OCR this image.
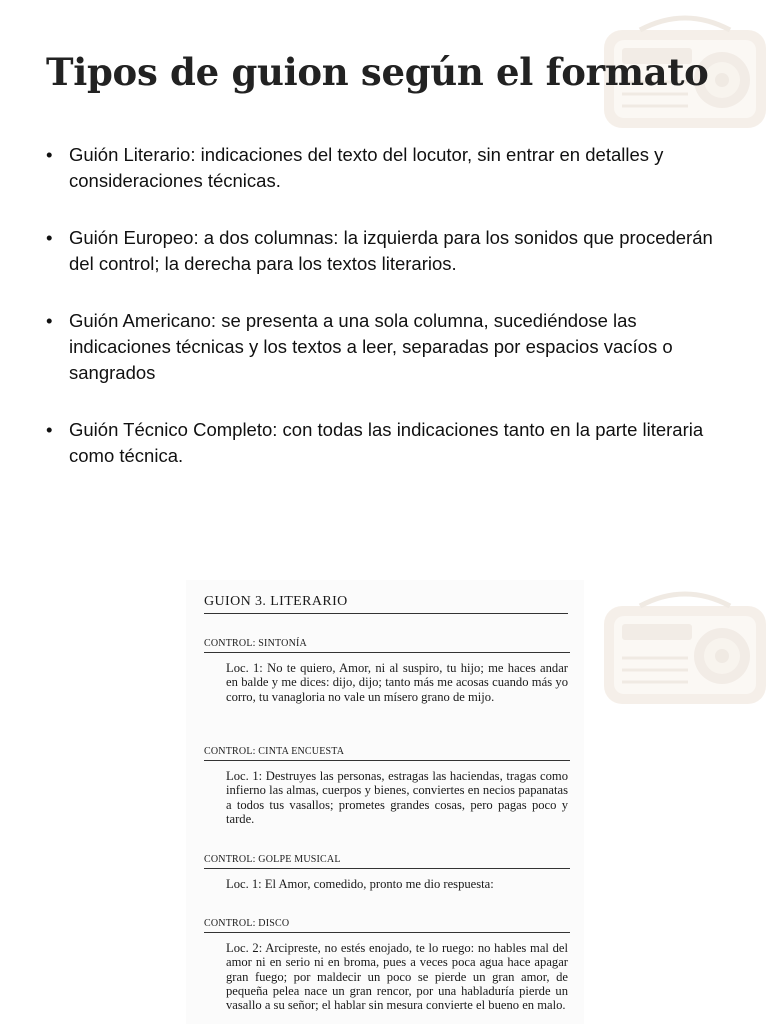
Tipos de guion según el formato
• Guión Literario: indicaciones del texto del locutor, sin entrar en detalles y consideraciones técnicas.
• Guión Europeo: a dos columnas: la izquierda para los sonidos que procederán del control; la derecha para los textos literarios.
• Guión Americano: se presenta a una sola columna, sucediéndose las indicaciones técnicas y los textos a leer, separadas por espacios vacíos o sangrados
• Guión Técnico Completo: con todas las indicaciones tanto en la parte literaria como técnica.
GUION 3. LITERARIO
CONTROL: SINTONÍA
Loc. 1: No te quiero, Amor, ni al suspiro, tu hijo; me haces andar en balde y me dices: dijo, dijo; tanto más me acosas cuando más yo corro, tu vanagloria no vale un mísero grano de mijo.
CONTROL: CINTA ENCUESTA
Loc. 1: Destruyes las personas, estragas las haciendas, tragas como infierno las almas, cuerpos y bienes, conviertes en necios papanatas a todos tus vasallos; prometes grandes cosas, pero pagas poco y tarde.
CONTROL: GOLPE MUSICAL
Loc. 1: El Amor, comedido, pronto me dio respuesta:
CONTROL: DISCO
Loc. 2: Arcipreste, no estés enojado, te lo ruego: no hables mal del amor ni en serio ni en broma, pues a veces poca agua hace apagar gran fuego; por maldecir un poco se pierde un gran amor, de pequeña pelea nace un gran rencor, por una habladuría pierde un vasallo a su señor; el hablar sin mesura convierte el bueno en malo.
